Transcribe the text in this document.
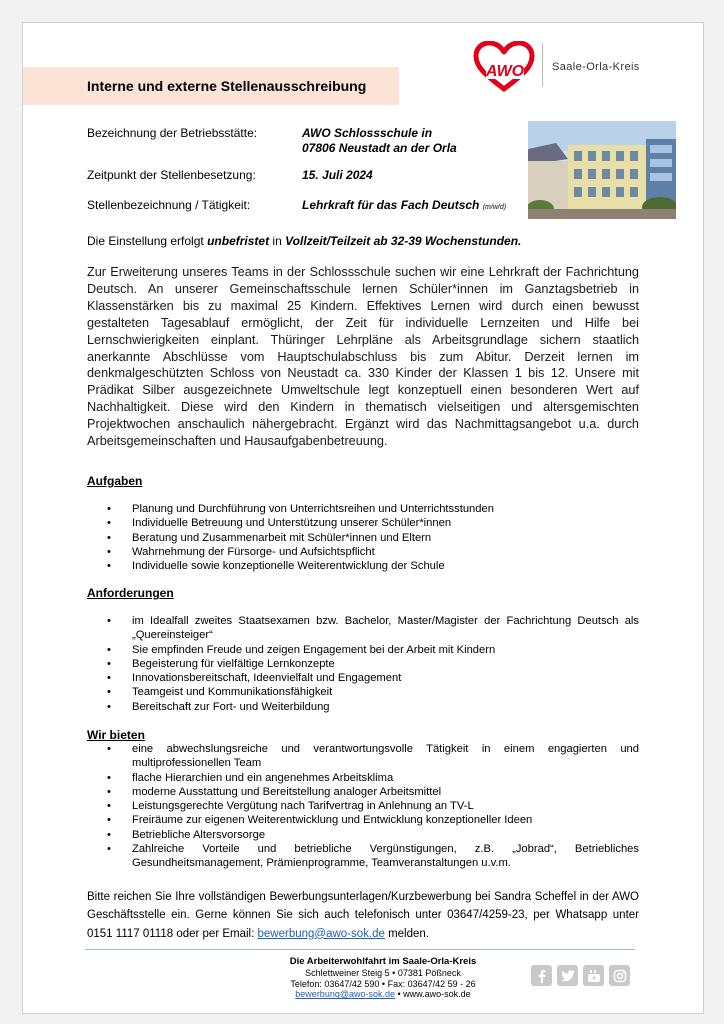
AWO	Saale-Orla-Kreis
Interne und externe Stellenausschreibung
Bezeichnung der Betriebsstätte:	AWO Schlossschule in
07806 Neustadt an der Orla
Zeitpunkt der Stellenbesetzung:	15. Juli 2024
Stellenbezeichnung / Tätigkeit:	Lehrkraft für das Fach Deutsch (m/w/d)
Die Einstellung erfolgt unbefristet in Vollzeit/Teilzeit ab 32-39 Wochenstunden.
Zur Erweiterung unseres Teams in der Schlossschule suchen wir eine Lehrkraft der Fachrichtung Deutsch. An unserer Gemeinschaftsschule lernen Schüler*innen im Ganztagsbetrieb in Klassenstärken bis zu maximal 25 Kindern. Effektives Lernen wird durch einen bewusst gestalteten Tagesablauf ermöglicht, der Zeit für individuelle Lernzeiten und Hilfe bei Lernschwierigkeiten einplant. Thüringer Lehrpläne als Arbeitsgrundlage sichern staatlich anerkannte Abschlüsse vom Hauptschulabschluss bis zum Abitur. Derzeit lernen im denkmalgeschützten Schloss von Neustadt ca. 330 Kinder der Klassen 1 bis 12. Unsere mit Prädikat Silber ausgezeichnete Umweltschule legt konzeptuell einen besonderen Wert auf Nachhaltigkeit. Diese wird den Kindern in thematisch vielseitigen und altersgemischten Projektwochen anschaulich nähergebracht. Ergänzt wird das Nachmittagsangebot u.a. durch Arbeitsgemeinschaften und Hausaufgabenbetreuung.
Aufgaben
• Planung und Durchführung von Unterrichtsreihen und Unterrichtsstunden
• Individuelle Betreuung und Unterstützung unserer Schüler*innen
• Beratung und Zusammenarbeit mit Schüler*innen und Eltern
• Wahrnehmung der Fürsorge- und Aufsichtspflicht
• Individuelle sowie konzeptionelle Weiterentwicklung der Schule
Anforderungen
• im Idealfall zweites Staatsexamen bzw. Bachelor, Master/Magister der Fachrichtung Deutsch als „Quereinsteiger“
• Sie empfinden Freude und zeigen Engagement bei der Arbeit mit Kindern
• Begeisterung für vielfältige Lernkonzepte
• Innovationsbereitschaft, Ideenvielfalt und Engagement
• Teamgeist und Kommunikationsfähigkeit
• Bereitschaft zur Fort- und Weiterbildung
Wir bieten
• eine abwechslungsreiche und verantwortungsvolle Tätigkeit in einem engagierten und multiprofessionellen Team
• flache Hierarchien und ein angenehmes Arbeitsklima
• moderne Ausstattung und Bereitstellung analoger Arbeitsmittel
• Leistungsgerechte Vergütung nach Tarifvertrag in Anlehnung an TV-L
• Freiräume zur eigenen Weiterentwicklung und Entwicklung konzeptioneller Ideen
• Betriebliche Altersvorsorge
• Zahlreiche Vorteile und betriebliche Vergünstigungen, z.B. „Jobrad“, Betriebliches Gesundheitsmanagement, Prämienprogramme, Teamveranstaltungen u.v.m.
Bitte reichen Sie Ihre vollständigen Bewerbungsunterlagen/Kurzbewerbung bei Sandra Scheffel in der AWO Geschäftsstelle ein. Gerne können Sie sich auch telefonisch unter 03647/4259-23, per Whatsapp unter 0151 1117 01118 oder per Email: bewerbung@awo-sok.de melden.
Die Arbeiterwohlfahrt im Saale-Orla-Kreis
Schlettweiner Steig 5 • 07381 Pößneck
Telefon: 03647/42 590 • Fax: 03647/42 59 - 26
bewerbung@awo-sok.de • www.awo-sok.de
